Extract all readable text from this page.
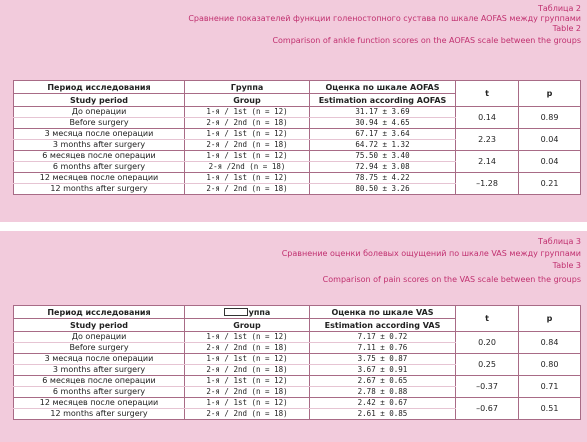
Таблица 2
Сравнение показателей функции голеностопного сустава по шкале AOFAS между группами
Table 2
Comparison of ankle function scores on the AOFAS scale between the groups
Период исследования	Группа	Оценка по шкале AOFAS	t	p
Study period	Group	Estimation according AOFAS		
До операции	1-я / 1st (n = 12)	31.17 ± 3.69	0.14	0.89
Before surgery	2-я / 2nd (n = 18)	30.94 ± 4.65		
3 месяца после операции	1-я / 1st (n = 12)	67.17 ± 3.64	2.23	0.04
3 months after surgery	2-я / 2nd (n = 18)	64.72 ± 1.32		
6 месяцев после операции	1-я / 1st (n = 12)	75.50 ± 3.40	2.14	0.04
6 months after surgery	2-я /2nd (n = 18)	72.94 ± 3.08		
12 месяцев после операции	1-я / 1st (n = 12)	78.75 ± 4.22	–1.28	0.21
12 months after surgery	2-я / 2nd (n = 18)	80.50 ± 3.26		
Таблица 3
Сравнение оценки болевых ощущений по шкале VAS между группами
Table 3
Comparison of pain scores on the VAS scale between the groups
Период исследования	уппа	Оценка по шкале VAS	t	p
Study period	Group	Estimation according VAS		
До операции	1-я / 1st (n = 12)	7.17 ± 0.72	0.20	0.84
Before surgery	2-я / 2nd (n = 18)	7.11 ± 0.76		
3 месяца после операции	1-я / 1st (n = 12)	3.75 ± 0.87	0.25	0.80
3 months after surgery	2-я / 2nd (n = 18)	3.67 ± 0.91		
6 месяцев после операции	1-я / 1st (n = 12)	2.67 ± 0.65	–0.37	0.71
6 months after surgery	2-я / 2nd (n = 18)	2.78 ± 0.88		
12 месяцев после операции	1-я / 1st (n = 12)	2.42 ± 0.67	–0.67	0.51
12 months after surgery	2-я / 2nd (n = 18)	2.61 ± 0.85		
